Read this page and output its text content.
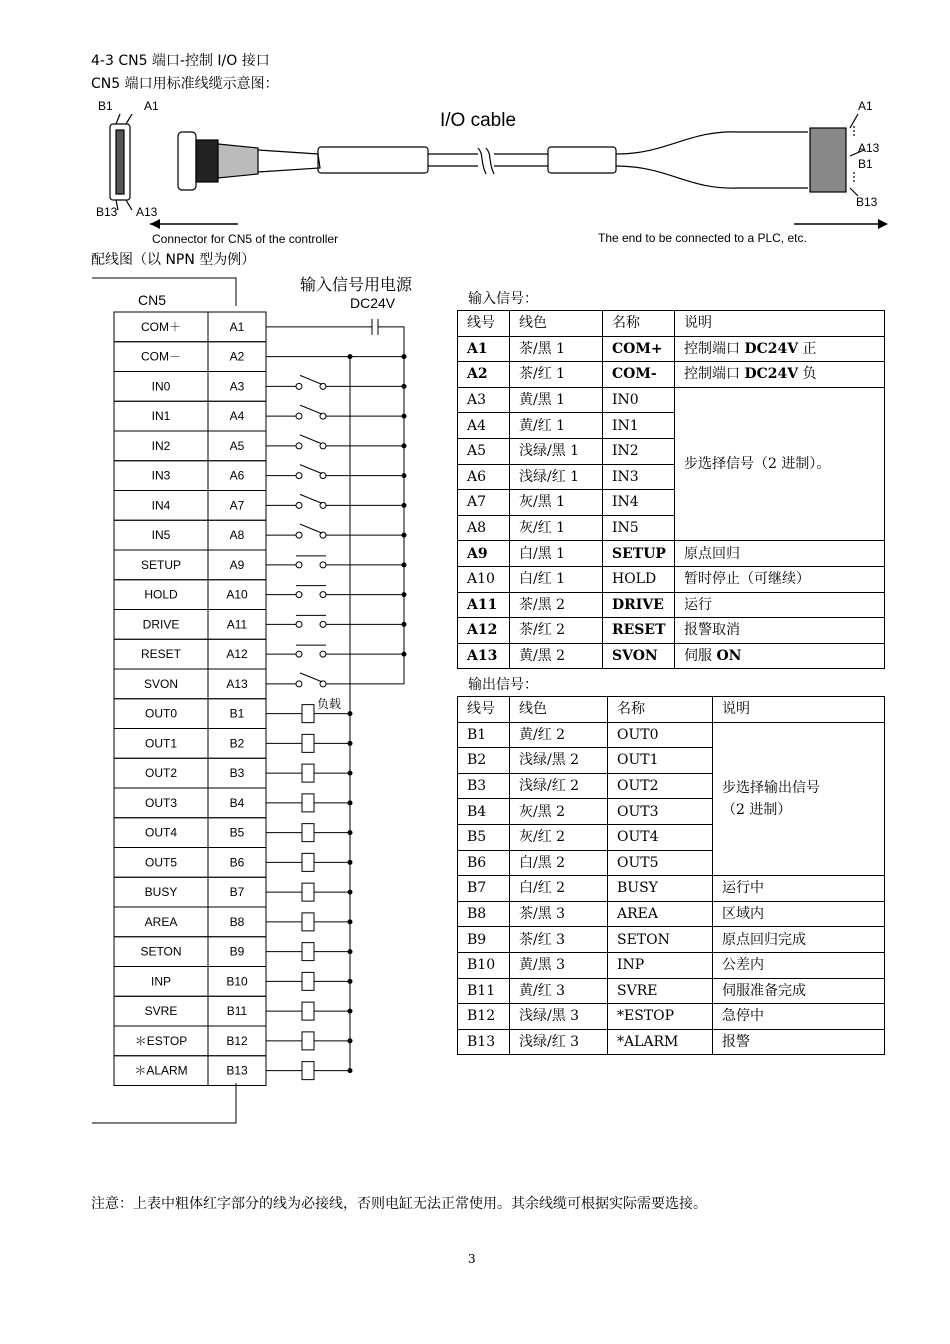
4-3 CN5 端口-控制 I/O 接口
CN5 端口用标准线缆示意图：
I/O cable
B1	A1
B13 A13
A1
A13
B1
B13
Connector for CN5 of the controller	The end to be connected to a PLC, etc.
配线图（以 NPN 型为例）
CN5
输入信号用电源
DC24V
负载
COM＋	A1
COM－	A2
IN0	A3
IN1	A4
IN2	A5
IN3	A6
IN4	A7
IN5	A8
SETUP	A9
HOLD	A10
DRIVE	A11
RESET	A12
SVON	A13
OUT0	B1
OUT1	B2
OUT2	B3
OUT3	B4
OUT4	B5
OUT5	B6
BUSY	B7
AREA	B8
SETON	B9
INP	B10
SVRE	B11
＊ESTOP	B12
＊ALARM	B13
输入信号：
线号	线色	名称	说明
A1	茶/黑 1	COM+	控制端口 DC24V 正
A2	茶/红 1	COM-	控制端口 DC24V 负
A3	黄/黑 1	IN0	步选择信号（2 进制）。
A4	黄/红 1	IN1	
A5	浅绿/黑 1	IN2	
A6	浅绿/红 1	IN3	
A7	灰/黑 1	IN4	
A8	灰/红 1	IN5	
A9	白/黑 1	SETUP	原点回归
A10	白/红 1	HOLD	暂时停止（可继续）
A11	茶/黑 2	DRIVE	运行
A12	茶/红 2	RESET	报警取消
A13	黄/黑 2	SVON	伺服 ON
输出信号：
线号	线色	名称	说明
B1	黄/红 2	OUT0	步选择输出信号
（2 进制）

B2	浅绿/黑 2	OUT1	
B3	浅绿/红 2	OUT2	
B4	灰/黑 2	OUT3	
B5	灰/红 2	OUT4	
B6	白/黑 2	OUT5	
B7	白/红 2	BUSY	运行中
B8	茶/黑 3	AREA	区域内
B9	茶/红 3	SETON	原点回归完成
B10	黄/黑 3	INP	公差内
B11	黄/红 3	SVRE	伺服准备完成
B12	浅绿/黑 3	*ESTOP	急停中
B13	浅绿/红 3	*ALARM	报警
注意：上表中粗体红字部分的线为必接线，否则电缸无法正常使用。其余线缆可根据实际需要选接。
3
